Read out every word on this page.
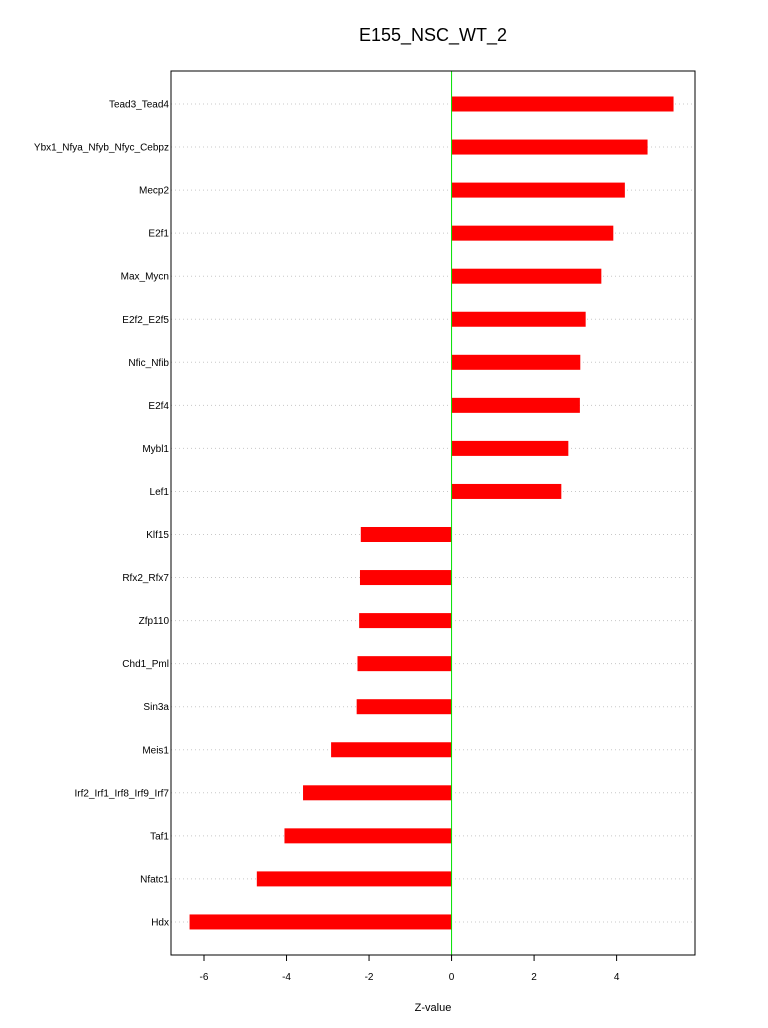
E155_NSC_WT_2
Tead3_Tead4
Ybx1_Nfya_Nfyb_Nfyc_Cebpz
Mecp2
E2f1
Max_Mycn
E2f2_E2f5
Nfic_Nfib
E2f4
Mybl1
Lef1
Klf15
Rfx2_Rfx7
Zfp110
Chd1_Pml
Sin3a
Meis1
Irf2_Irf1_Irf8_Irf9_Irf7
Taf1
Nfatc1
Hdx
-6	-4	-2	0	2	4
Z-value
